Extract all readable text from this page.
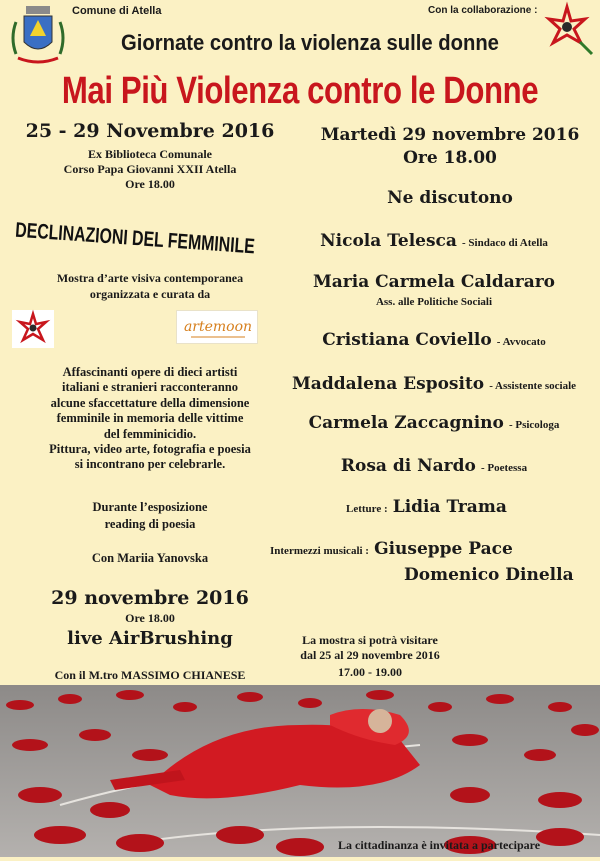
Comune di Atella	Con la collaborazione :
Giornate contro la violenza sulle donne
Mai Più Violenza contro le Donne
25 - 29 Novembre 2016
Ex Biblioteca Comunale
Corso Papa Giovanni XXII Atella
Ore 18.00
DECLINAZIONI DEL FEMMINILE
Mostra d’arte visiva contemporanea
organizzata e curata da
artemoon
Affascinanti opere di dieci artisti
italiani e stranieri racconteranno
alcune sfaccettature della dimensione
femminile in memoria delle vittime
del femminicidio.
Pittura, video arte, fotografia e poesia
si incontrano per celebrarle.
Durante l’esposizione
reading di poesia
Con Mariia Yanovska
29 novembre 2016
Ore 18.00
live AirBrushing
Con il M.tro MASSIMO CHIANESE
Martedì 29 novembre 2016
Ore 18.00
Ne discutono
Nicola Telesca - Sindaco di Atella
Maria Carmela Caldararo
Ass. alle Politiche Sociali
Cristiana Coviello - Avvocato
Maddalena Esposito - Assistente sociale
Carmela Zaccagnino - Psicologa
Rosa di Nardo - Poetessa
Letture : Lidia Trama
Intermezzi musicali : Giuseppe Pace
Domenico Dinella
La mostra si potrà visitare
dal 25 al 29 novembre 2016
17.00 - 19.00
La cittadinanza è invitata a partecipare
